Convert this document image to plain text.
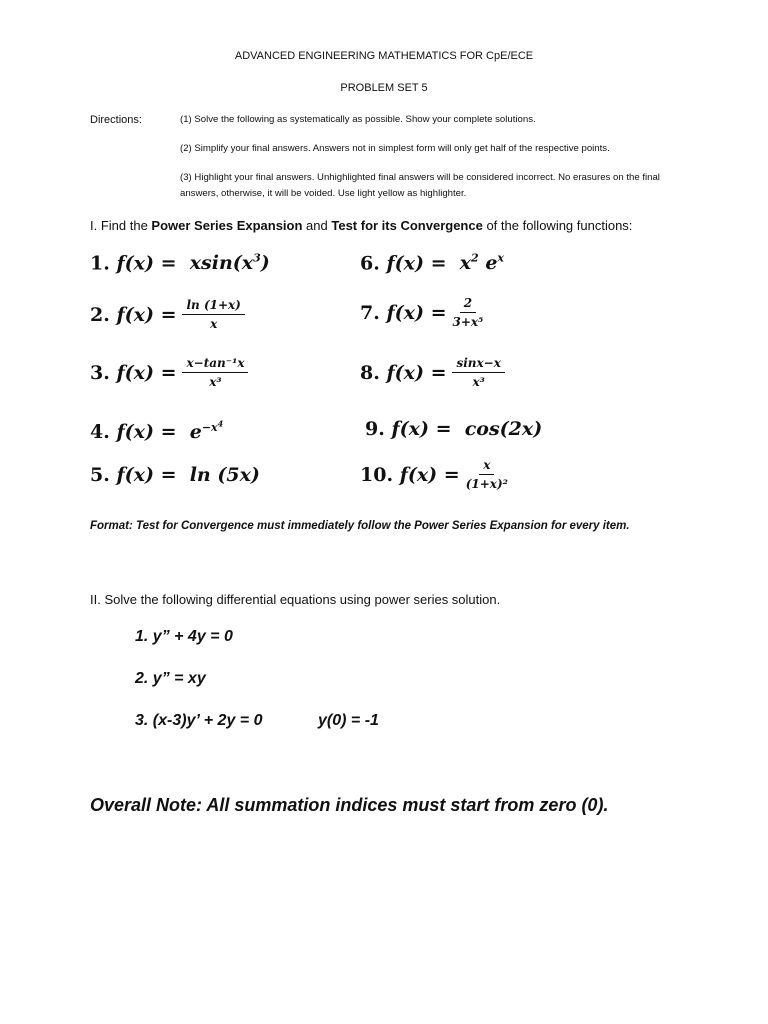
ADVANCED ENGINEERING MATHEMATICS FOR CpE/ECE
PROBLEM SET 5
Directions:	(1) Solve the following as systematically as possible. Show your complete solutions.
(2) Simplify your final answers. Answers not in simplest form will only get half of the respective points.
(3) Highlight your final answers. Unhighlighted final answers will be considered incorrect. No erasures on the final answers, otherwise, it will be voided. Use light yellow as highlighter.
I. Find the Power Series Expansion and Test for its Convergence of the following functions:
1. $f(x) = xsin(x^3)$
2.
$f(x) = \frac{\ln (1+x)}{x}$
3.
$f(x) = \frac{\text{x−tan⁻¹x}}{\text{x³}}$
4. $f(x) = e^{-x^4}$
5. f(x) = ln (5x)
6. $f(x) = x^2$ $e^x$
7.
$f(x) = \frac{2}{\text{3+x⁵}}$
8.
$f(x) = \frac{\sin x-x}{\text{x³}}$
9. f(x) = cos(2x)
10.
$f(x) = \frac{x}{\text{(1+x)²}}$
Format: Test for Convergence must immediately follow the Power Series Expansion for every item.
II. Solve the following differential equations using power series solution.
1. y” + 4y = 0
2. y” = xy
3. (x-3)y’ + 2y = 0	y(0) = -1
Overall Note: All summation indices must start from zero (0).
